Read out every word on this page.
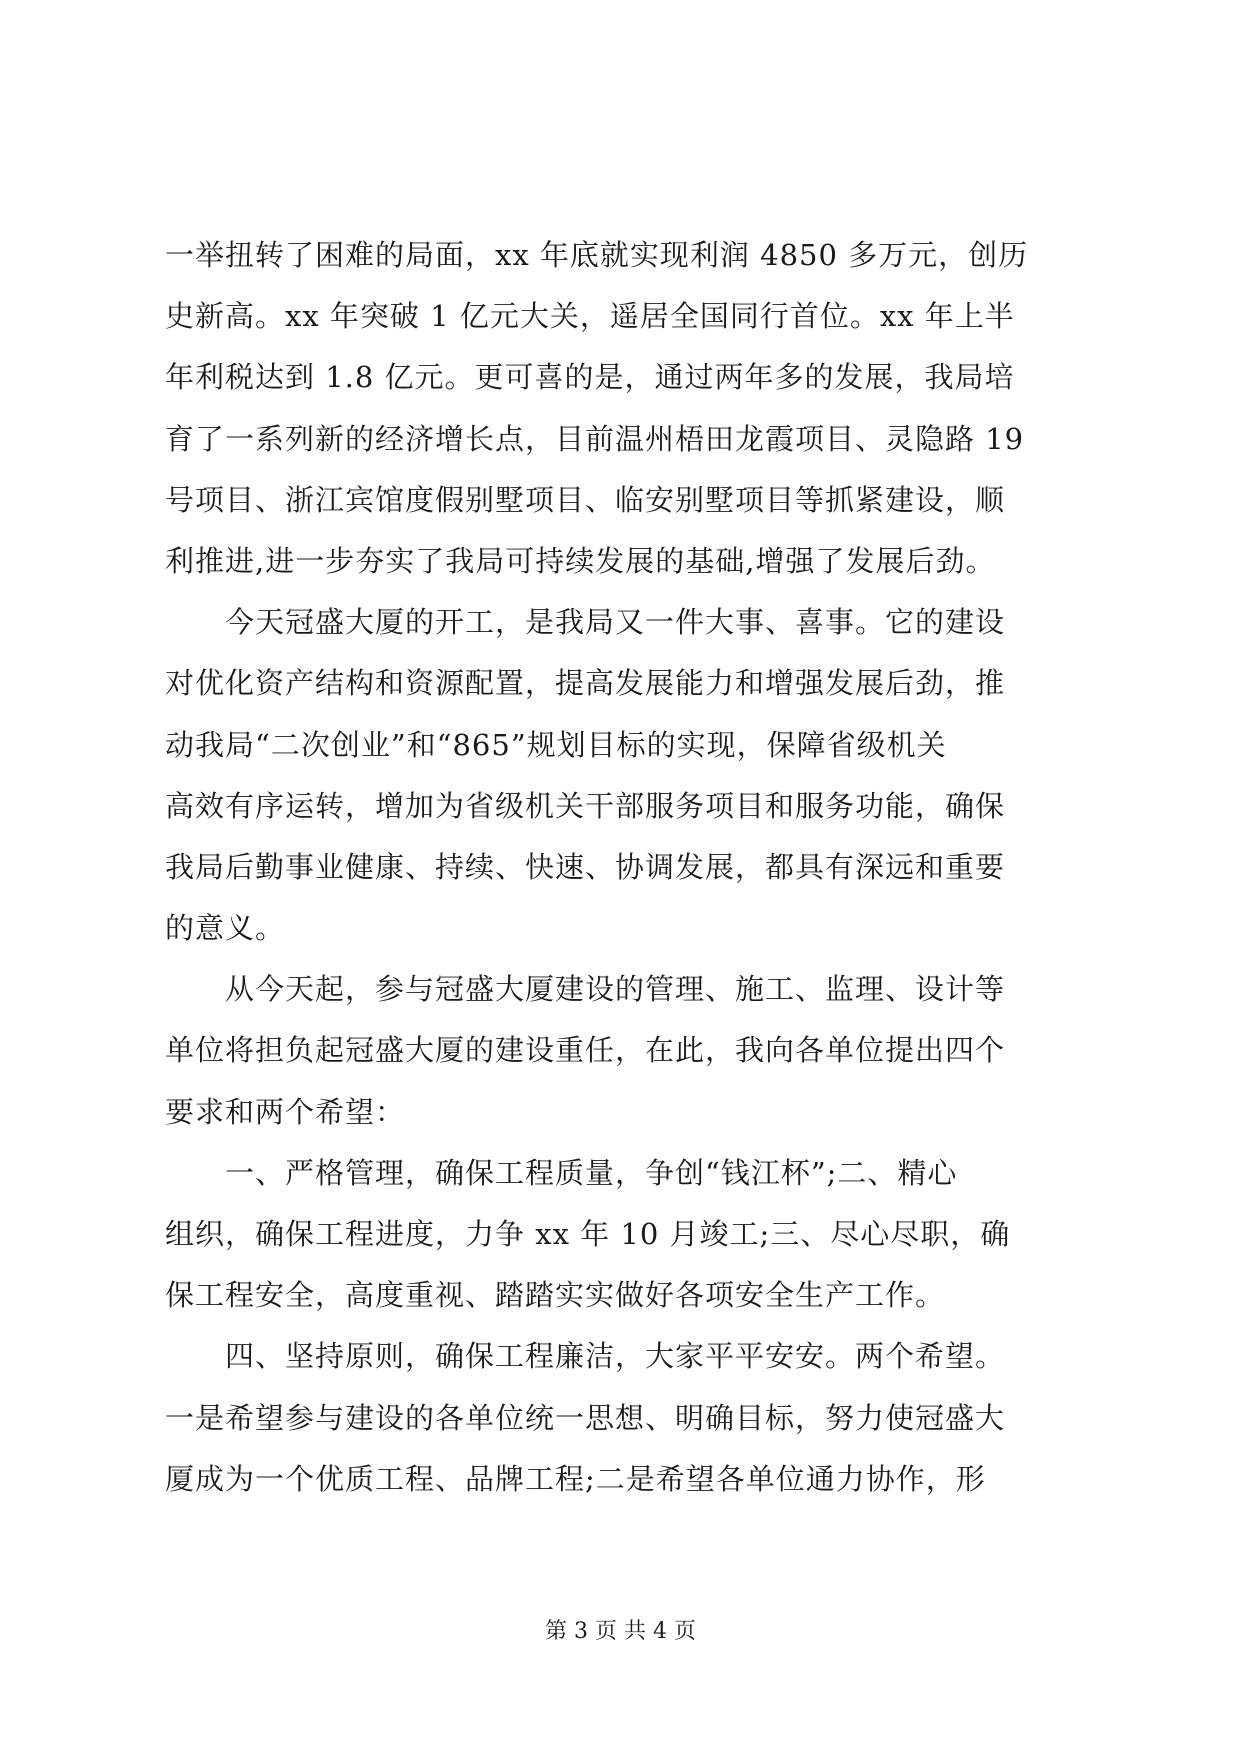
一举扭转了困难的局面，xx 年底就实现利润 4850 多万元，创历
史新高。xx 年突破 1 亿元大关，遥居全国同行首位。xx 年上半
年利税达到 1.8 亿元。更可喜的是，通过两年多的发展，我局培
育了一系列新的经济增长点，目前温州梧田龙霞项目、灵隐路 19
号项目、浙江宾馆度假别墅项目、临安别墅项目等抓紧建设，顺
利推进,进一步夯实了我局可持续发展的基础,增强了发展后劲。
　　今天冠盛大厦的开工，是我局又一件大事、喜事。它的建设
对优化资产结构和资源配置，提高发展能力和增强发展后劲，推
动我局“二次创业”和“865”规划目标的实现，保障省级机关
高效有序运转，增加为省级机关干部服务项目和服务功能，确保
我局后勤事业健康、持续、快速、协调发展，都具有深远和重要
的意义。
　　从今天起，参与冠盛大厦建设的管理、施工、监理、设计等
单位将担负起冠盛大厦的建设重任，在此，我向各单位提出四个
要求和两个希望：
　　一、严格管理，确保工程质量，争创“钱江杯”;二、精心
组织，确保工程进度，力争 xx 年 10 月竣工;三、尽心尽职，确
保工程安全，高度重视、踏踏实实做好各项安全生产工作。
　　四、坚持原则，确保工程廉洁，大家平平安安。两个希望。
一是希望参与建设的各单位统一思想、明确目标，努力使冠盛大
厦成为一个优质工程、品牌工程;二是希望各单位通力协作，形
第 3 页 共 4 页
